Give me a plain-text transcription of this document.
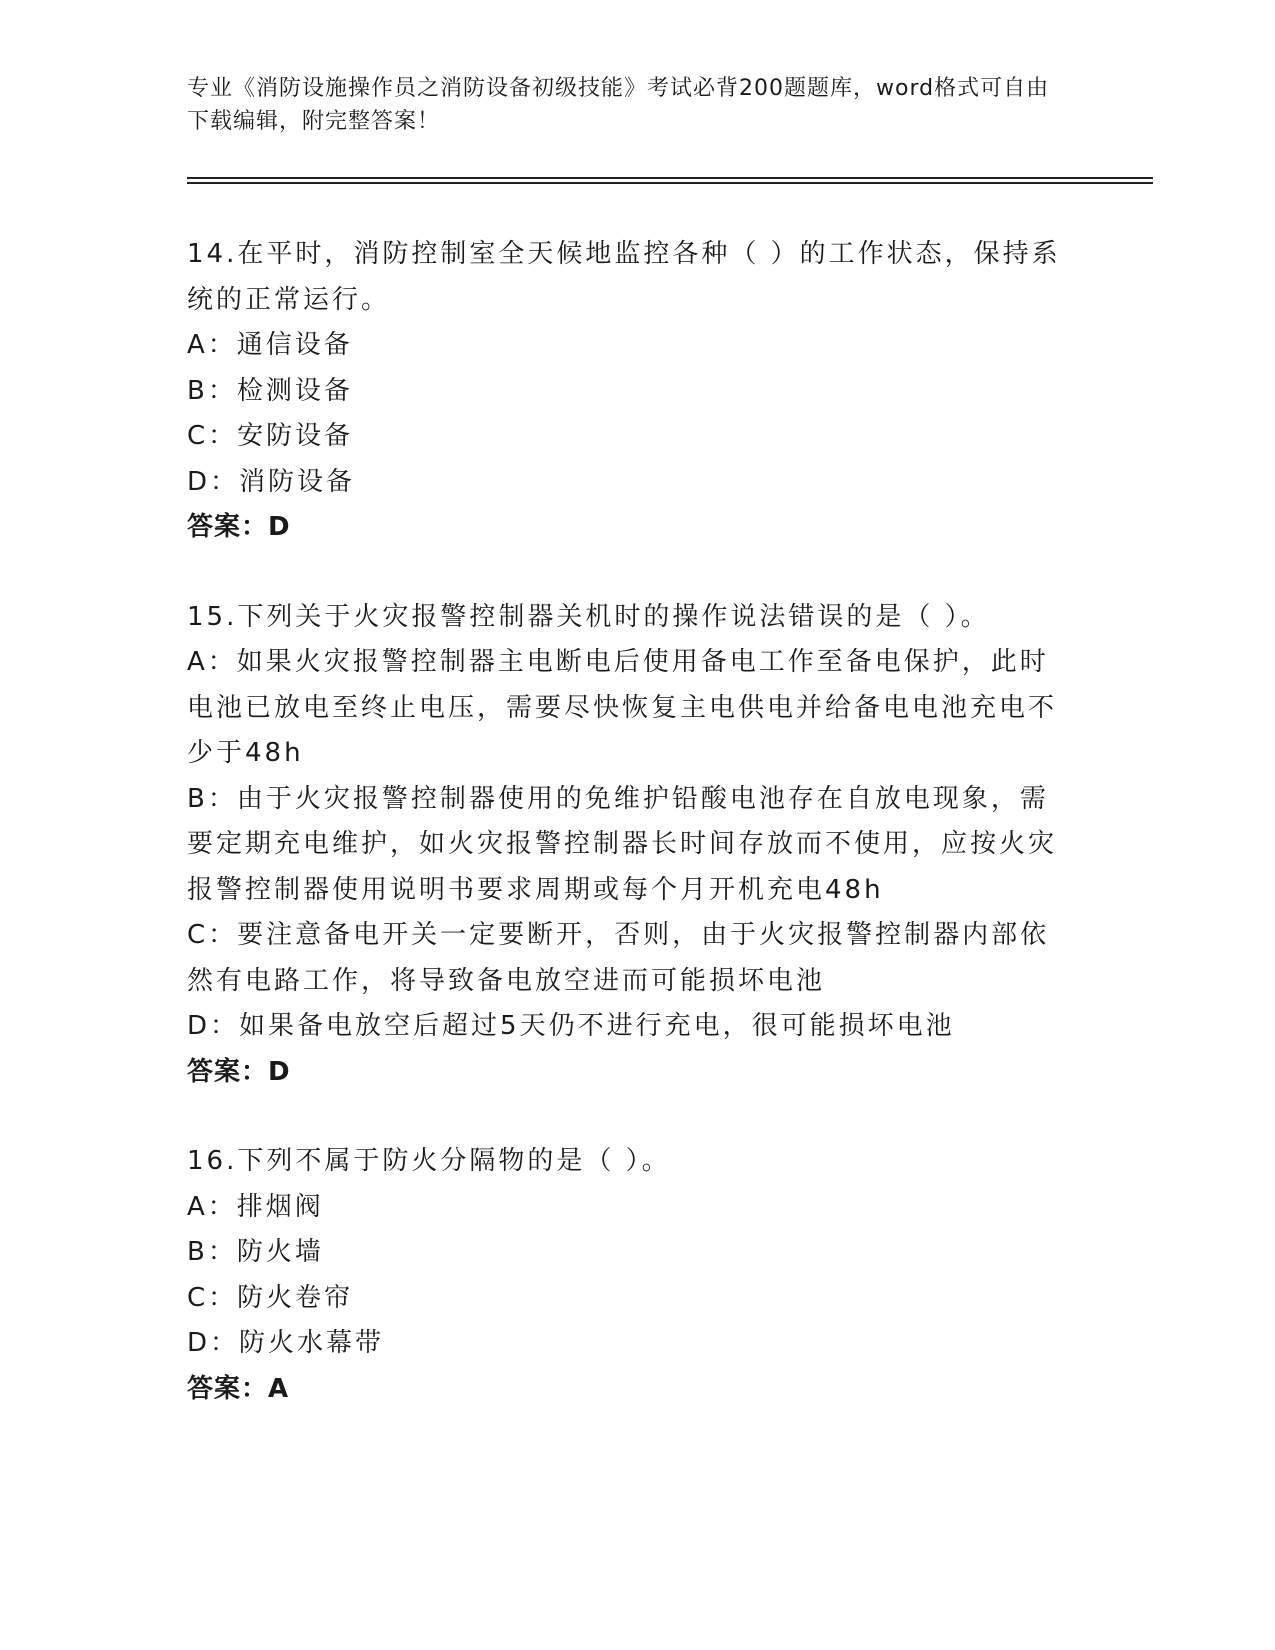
专业《消防设施操作员之消防设备初级技能》考试必背200题题库，word格式可自由下载编辑，附完整答案！

14.在平时，消防控制室全天候地监控各种（ ）的工作状态，保持系统的正常运行。

A：通信设备

B：检测设备

C：安防设备

D：消防设备

答案：D

15.下列关于火灾报警控制器关机时的操作说法错误的是（ ）。

A：如果火灾报警控制器主电断电后使用备电工作至备电保护，此时电池已放电至终止电压，需要尽快恢复主电供电并给备电电池充电不少于48h

B：由于火灾报警控制器使用的免维护铅酸电池存在自放电现象，需要定期充电维护，如火灾报警控制器长时间存放而不使用，应按火灾报警控制器使用说明书要求周期或每个月开机充电48h

C：要注意备电开关一定要断开，否则，由于火灾报警控制器内部依然有电路工作，将导致备电放空进而可能损坏电池

D：如果备电放空后超过5天仍不进行充电，很可能损坏电池

答案：D

16.下列不属于防火分隔物的是（ ）。

A：排烟阀

B：防火墙

C：防火卷帘

D：防火水幕带

答案：A
